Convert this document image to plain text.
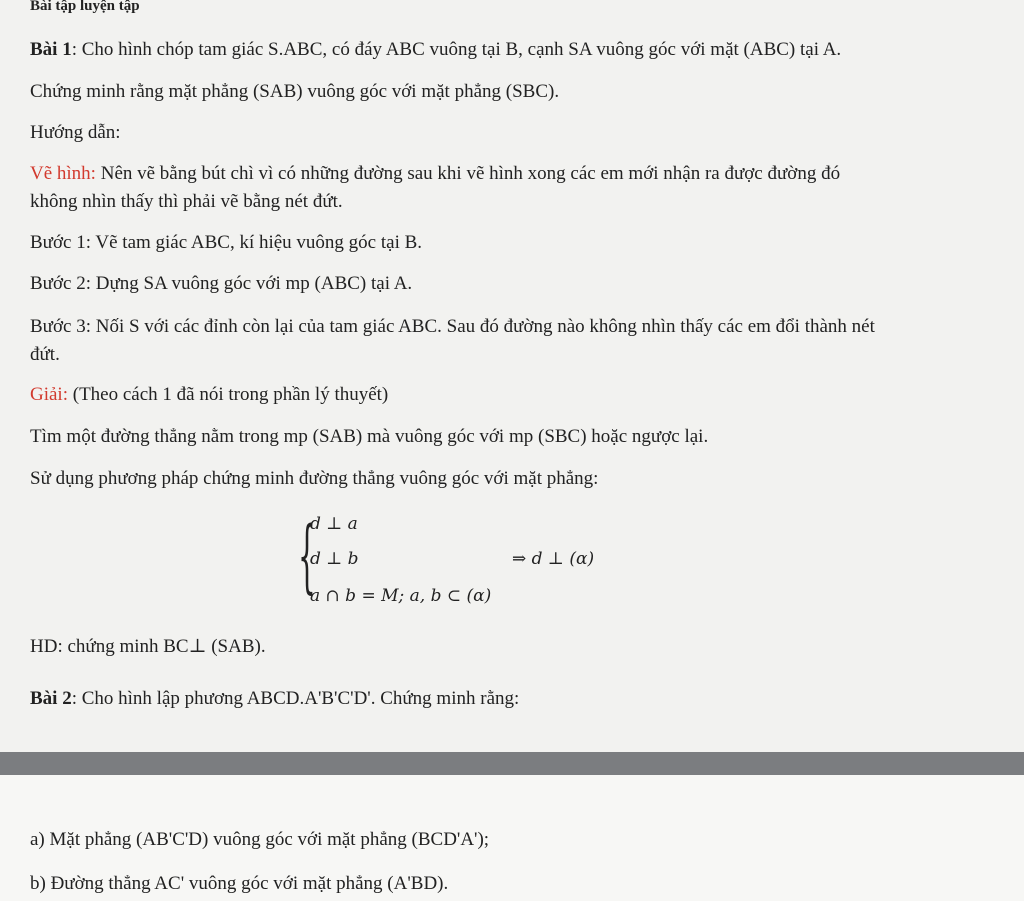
Bài tập luyện tập
Bài 1: Cho hình chóp tam giác S.ABC, có đáy ABC vuông tại B, cạnh SA vuông góc với mặt (ABC) tại A.
Chứng minh rằng mặt phẳng (SAB) vuông góc với mặt phẳng (SBC).
Hướng dẫn:
Vẽ hình: Nên vẽ bằng bút chì vì có những đường sau khi vẽ hình xong các em mới nhận ra được đường đó
không nhìn thấy thì phải vẽ bằng nét đứt.
Bước 1: Vẽ tam giác ABC, kí hiệu vuông góc tại B.
Bước 2: Dựng SA vuông góc với mp (ABC) tại A.
Bước 3: Nối S với các đỉnh còn lại của tam giác ABC. Sau đó đường nào không nhìn thấy các em đổi thành nét
đứt.
Giải: (Theo cách 1 đã nói trong phần lý thuyết)
Tìm một đường thẳng nằm trong mp (SAB) mà vuông góc với mp (SBC) hoặc ngược lại.
Sử dụng phương pháp chứng minh đường thẳng vuông góc với mặt phẳng:
{
d ⊥ a
d ⊥ b
a ∩ b = M; a, b ⊂ (α)
⇒ d ⊥ (α)
HD: chứng minh BC⊥ (SAB).
Bài 2: Cho hình lập phương ABCD.A'B'C'D'. Chứng minh rằng:
a) Mặt phẳng (AB'C'D) vuông góc với mặt phẳng (BCD'A');
b) Đường thẳng AC' vuông góc với mặt phẳng (A'BD).
